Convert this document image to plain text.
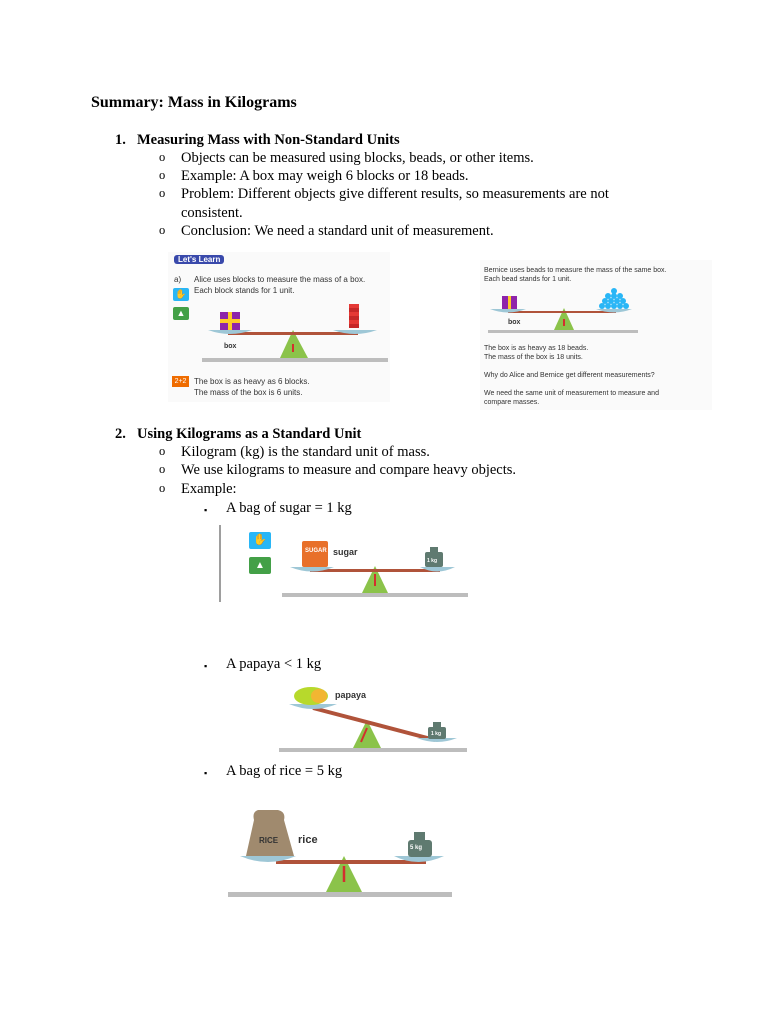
Summary: Mass in Kilograms
1. Measuring Mass with Non-Standard Units
o Objects can be measured using blocks, beads, or other items.
o Example: A box may weigh 6 blocks or 18 beads.
o Problem: Different objects give different results, so measurements are not
consistent.
o Conclusion: We need a standard unit of measurement.
Let's Learn
a) Alice uses blocks to measure the mass of a box.
Each block stands for 1 unit.
✋
▲
box
2+2 The box is as heavy as 6 blocks.
The mass of the box is 6 units.
Bernice uses beads to measure the mass of the same box.
Each bead stands for 1 unit.
box
The box is as heavy as 18 beads.
The mass of the box is 18 units.
Why do Alice and Bernice get different measurements?
We need the same unit of measurement to measure and
compare masses.
2. Using Kilograms as a Standard Unit
o Kilogram (kg) is the standard unit of mass.
o We use kilograms to measure and compare heavy objects.
o Example:
▪ A bag of sugar = 1 kg
✋
▲
SUGAR sugar
1 kg
▪ A papaya < 1 kg
papaya
1 kg
▪ A bag of rice = 5 kg
RICE rice
5 kg
